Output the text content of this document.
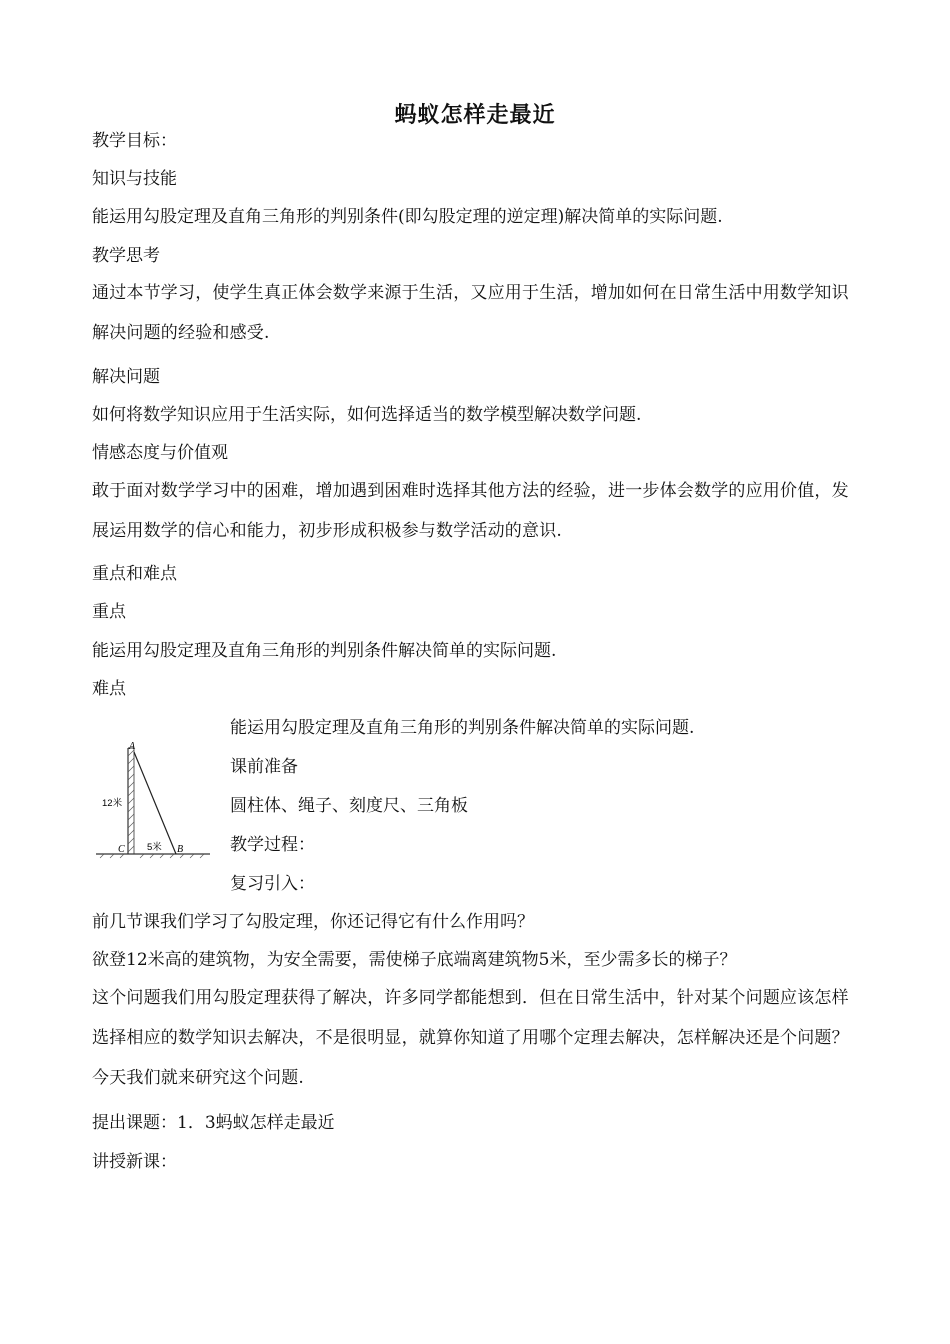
蚂蚁怎样走最近
教学目标：
知识与技能
能运用勾股定理及直角三角形的判别条件(即勾股定理的逆定理)解决简单的实际问题.
教学思考
通过本节学习，使学生真正体会数学来源于生活，又应用于生活，增加如何在日常生活中用数学知识解决问题的经验和感受.
解决问题
如何将数学知识应用于生活实际，如何选择适当的数学模型解决数学问题.
情感态度与价值观
敢于面对数学学习中的困难，增加遇到困难时选择其他方法的经验，进一步体会数学的应用价值，发展运用数学的信心和能力，初步形成积极参与数学活动的意识.
重点和难点
重点
能运用勾股定理及直角三角形的判别条件解决简单的实际问题.
难点
能运用勾股定理及直角三角形的判别条件解决简单的实际问题.
课前准备
圆柱体、绳子、刻度尺、三角板
教学过程：
复习引入：
A
C	B
12米
5米
前几节课我们学习了勾股定理，你还记得它有什么作用吗？
欲登12米高的建筑物，为安全需要，需使梯子底端离建筑物5米，至少需多长的梯子？
这个问题我们用勾股定理获得了解决，许多同学都能想到．但在日常生活中，针对某个问题应该怎样选择相应的数学知识去解决，不是很明显，就算你知道了用哪个定理去解决，怎样解决还是个问题？今天我们就来研究这个问题.
提出课题：1．3蚂蚁怎样走最近
讲授新课：
